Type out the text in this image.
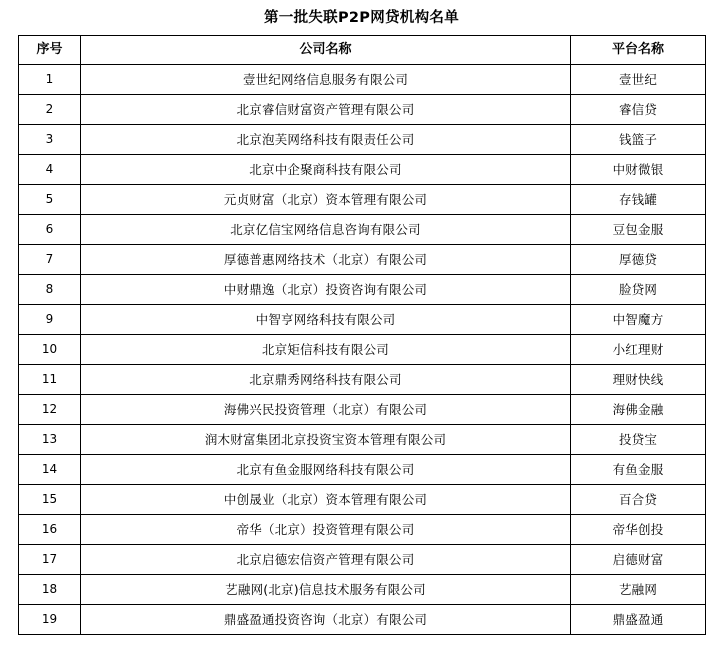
第一批失联P2P网贷机构名单
序号	公司名称	平台名称
1	壹世纪网络信息服务有限公司	壹世纪
2	北京睿信财富资产管理有限公司	睿信贷
3	北京泡芙网络科技有限责任公司	钱篮子
4	北京中企聚商科技有限公司	中财微银
5	元贞财富（北京）资本管理有限公司	存钱罐
6	北京亿信宝网络信息咨询有限公司	豆包金服
7	厚德普惠网络技术（北京）有限公司	厚德贷
8	中财鼎逸（北京）投资咨询有限公司	脸贷网
9	中智亨网络科技有限公司	中智魔方
10	北京矩信科技有限公司	小红理财
11	北京鼎秀网络科技有限公司	理财快线
12	海佛兴民投资管理（北京）有限公司	海佛金融
13	润木财富集团北京投资宝资本管理有限公司	投贷宝
14	北京有鱼金服网络科技有限公司	有鱼金服
15	中创晟业（北京）资本管理有限公司	百合贷
16	帝华（北京）投资管理有限公司	帝华创投
17	北京启德宏信资产管理有限公司	启德财富
18	艺融网(北京)信息技术服务有限公司	艺融网
19	鼎盛盈通投资咨询（北京）有限公司	鼎盛盈通
